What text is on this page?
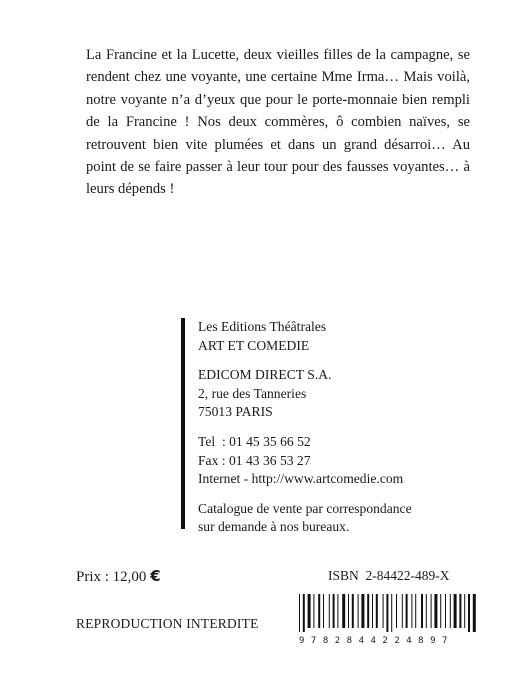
La Francine et la Lucette, deux vieilles filles de la campagne, se rendent chez une voyante, une certaine Mme Irma… Mais voilà, notre voyante n’a d’yeux que pour le porte-monnaie bien rempli de la Francine ! Nos deux commères, ô combien naïves, se retrouvent bien vite plumées et dans un grand désarroi… Au point de se faire passer à leur tour pour des fausses voyantes… à leurs dépends !

Les Editions Théâtrales
ART ET COMEDIE
EDICOM DIRECT S.A.
2, rue des Tanneries
75013 PARIS
Tel  : 01 45 35 66 52
Fax : 01 43 36 53 27
Internet - http://www.artcomedie.com
Catalogue de vente par correspondance
sur demande à nos bureaux.
Prix : 12,00 €	ISBN  2-84422-489-X
REPRODUCTION INTERDITE
9782844224897
